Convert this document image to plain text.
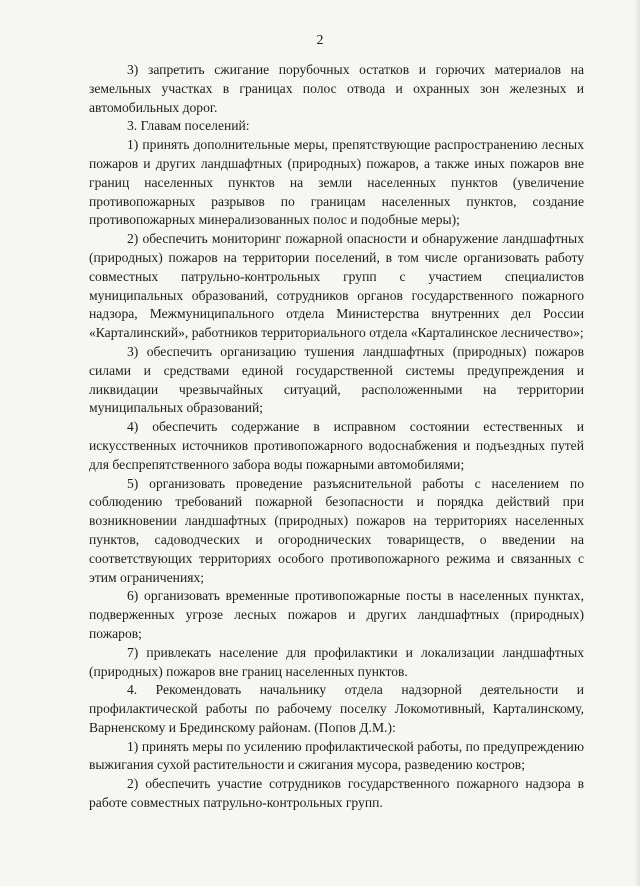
2

3) запретить сжигание порубочных остатков и горючих материалов на земельных участках в границах полос отвода и охранных зон железных и автомобильных дорог.

3. Главам поселений:

1) принять дополнительные меры, препятствующие распространению лесных пожаров и других ландшафтных (природных) пожаров, а также иных пожаров вне границ населенных пунктов на земли населенных пунктов (увеличение противопожарных разрывов по границам населенных пунктов, создание противопожарных минерализованных полос и подобные меры);

2) обеспечить мониторинг пожарной опасности и обнаружение ландшафтных (природных) пожаров на территории поселений, в том числе организовать работу совместных патрульно-контрольных групп с участием специалистов муниципальных образований, сотрудников органов государственного пожарного надзора, Межмуниципального отдела Министерства внутренних дел России «Карталинский», работников территориального отдела «Карталинское лесничество»;

3) обеспечить организацию тушения ландшафтных (природных) пожаров силами и средствами единой государственной системы предупреждения и ликвидации чрезвычайных ситуаций, расположенными на территории муниципальных образований;

4) обеспечить содержание в исправном состоянии естественных и искусственных источников противопожарного водоснабжения и подъездных путей для беспрепятственного забора воды пожарными автомобилями;

5) организовать проведение разъяснительной работы с населением по соблюдению требований пожарной безопасности и порядка действий при возникновении ландшафтных (природных) пожаров на территориях населенных пунктов, садоводческих и огороднических товариществ, о введении на соответствующих территориях особого противопожарного режима и связанных с этим ограничениях;

6) организовать временные противопожарные посты в населенных пунктах, подверженных угрозе лесных пожаров и других ландшафтных (природных) пожаров;

7) привлекать население для профилактики и локализации ландшафтных (природных) пожаров вне границ населенных пунктов.

4. Рекомендовать начальнику отдела надзорной деятельности и профилактической работы по рабочему поселку Локомотивный, Карталинскому, Варненскому и Брединскому районам. (Попов Д.М.):

1) принять меры по усилению профилактической работы, по предупреждению выжигания сухой растительности и сжигания мусора, разведению костров;

2) обеспечить участие сотрудников государственного пожарного надзора в работе совместных патрульно-контрольных групп.
